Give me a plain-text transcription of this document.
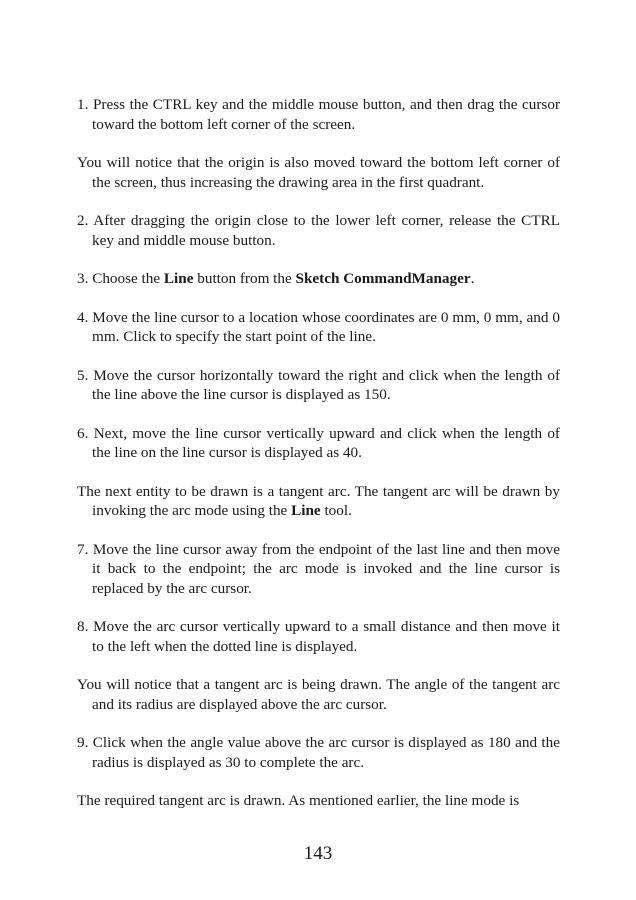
1. Press the CTRL key and the middle mouse button, and then drag the cursor toward the bottom left corner of the screen.

You will notice that the origin is also moved toward the bottom left corner of the screen, thus increasing the drawing area in the first quadrant.

2. After dragging the origin close to the lower left corner, release the CTRL key and middle mouse button.

3. Choose the Line button from the Sketch CommandManager.

4. Move the line cursor to a location whose coordinates are 0 mm, 0 mm, and 0 mm. Click to specify the start point of the line.

5. Move the cursor horizontally toward the right and click when the length of the line above the line cursor is displayed as 150.

6. Next, move the line cursor vertically upward and click when the length of the line on the line cursor is displayed as 40.

The next entity to be drawn is a tangent arc. The tangent arc will be drawn by invoking the arc mode using the Line tool.

7. Move the line cursor away from the endpoint of the last line and then move it back to the endpoint; the arc mode is invoked and the line cursor is replaced by the arc cursor.

8. Move the arc cursor vertically upward to a small distance and then move it to the left when the dotted line is displayed.

You will notice that a tangent arc is being drawn. The angle of the tangent arc and its radius are displayed above the arc cursor.

9. Click when the angle value above the arc cursor is displayed as 180 and the radius is displayed as 30 to complete the arc.

The required tangent arc is drawn. As mentioned earlier, the line mode is

143
